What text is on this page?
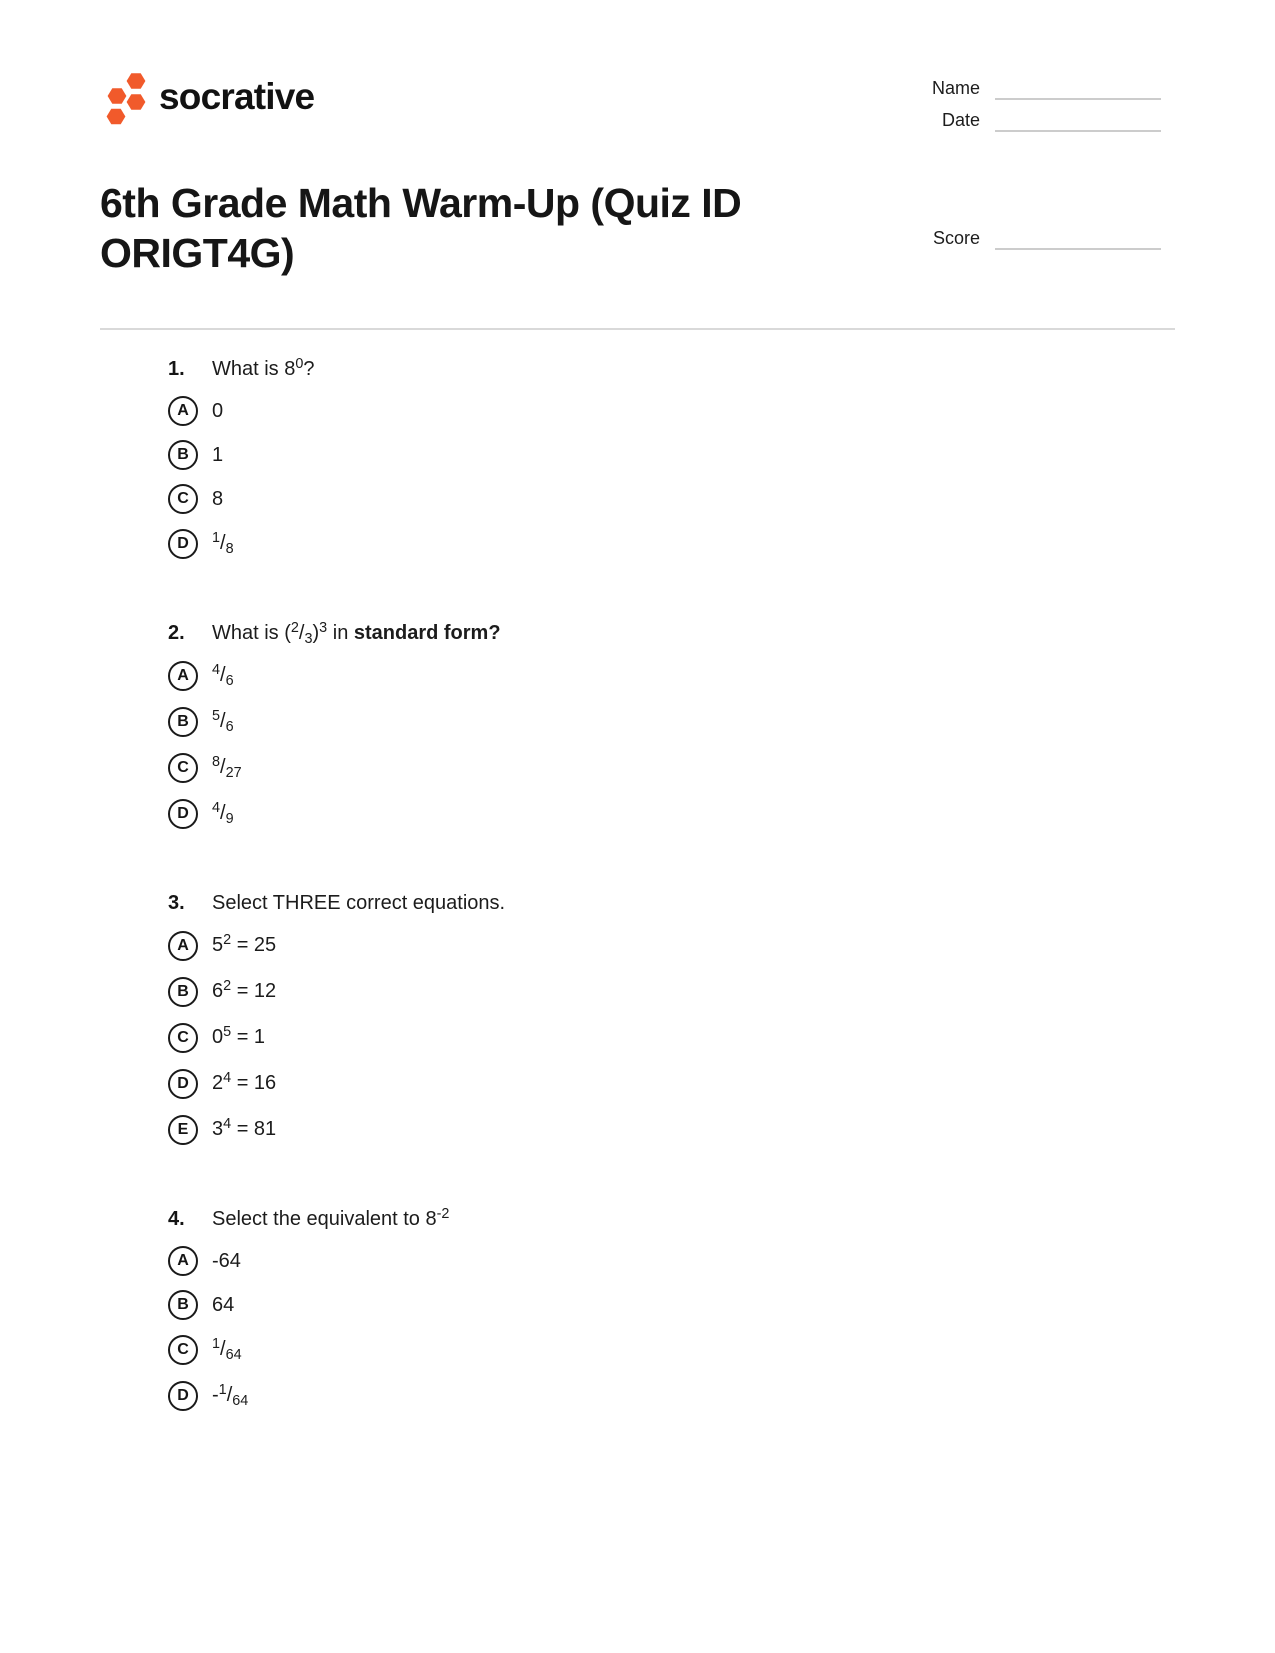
socrative	Name
Date
6th Grade Math Warm-Up (Quiz ID ORIGT4G)	Score
1.	What is $8^0$?
A 0
B 1
C 8
D $^1/_8$
2.	What is $(^2/_3)^3$ in standard form?
A $^4/_6$
B $^5/_6$
C $^8/_{27}$
D $^4/_9$
3.	Select THREE correct equations.
A $5^2 = 25$
B $6^2 = 12$
C $0^5 = 1$
D $2^4 = 16$
E $3^4 = 81$
4.	Select the equivalent to $8^{-2}$
A -64
B 64
C $^1/_{64}$
D $-^1/_{64}$
